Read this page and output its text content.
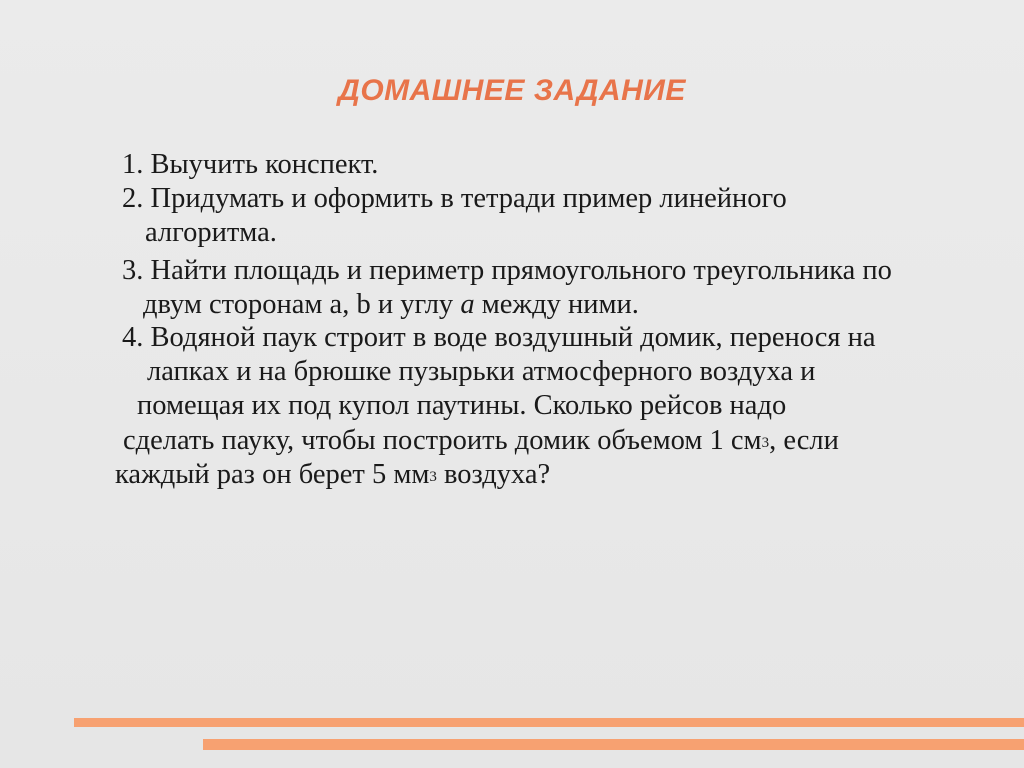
ДОМАШНЕЕ ЗАДАНИЕ
1. Выучить конспект.
2. Придумать и оформить в тетради пример линейного
алгоритма.
3. Найти площадь и периметр прямоугольного треугольника по
двум сторонам а, b и углу a между ними.
4. Водяной паук строит в воде воздушный домик, перенося на
лапках и на брюшке пузырьки атмосферного воздуха и
помещая их под купол паутины. Сколько рейсов надо
сделать пауку, чтобы построить домик объемом 1 $см^3$, если
каждый раз он берет 5 $мм^3$ воздуха?
